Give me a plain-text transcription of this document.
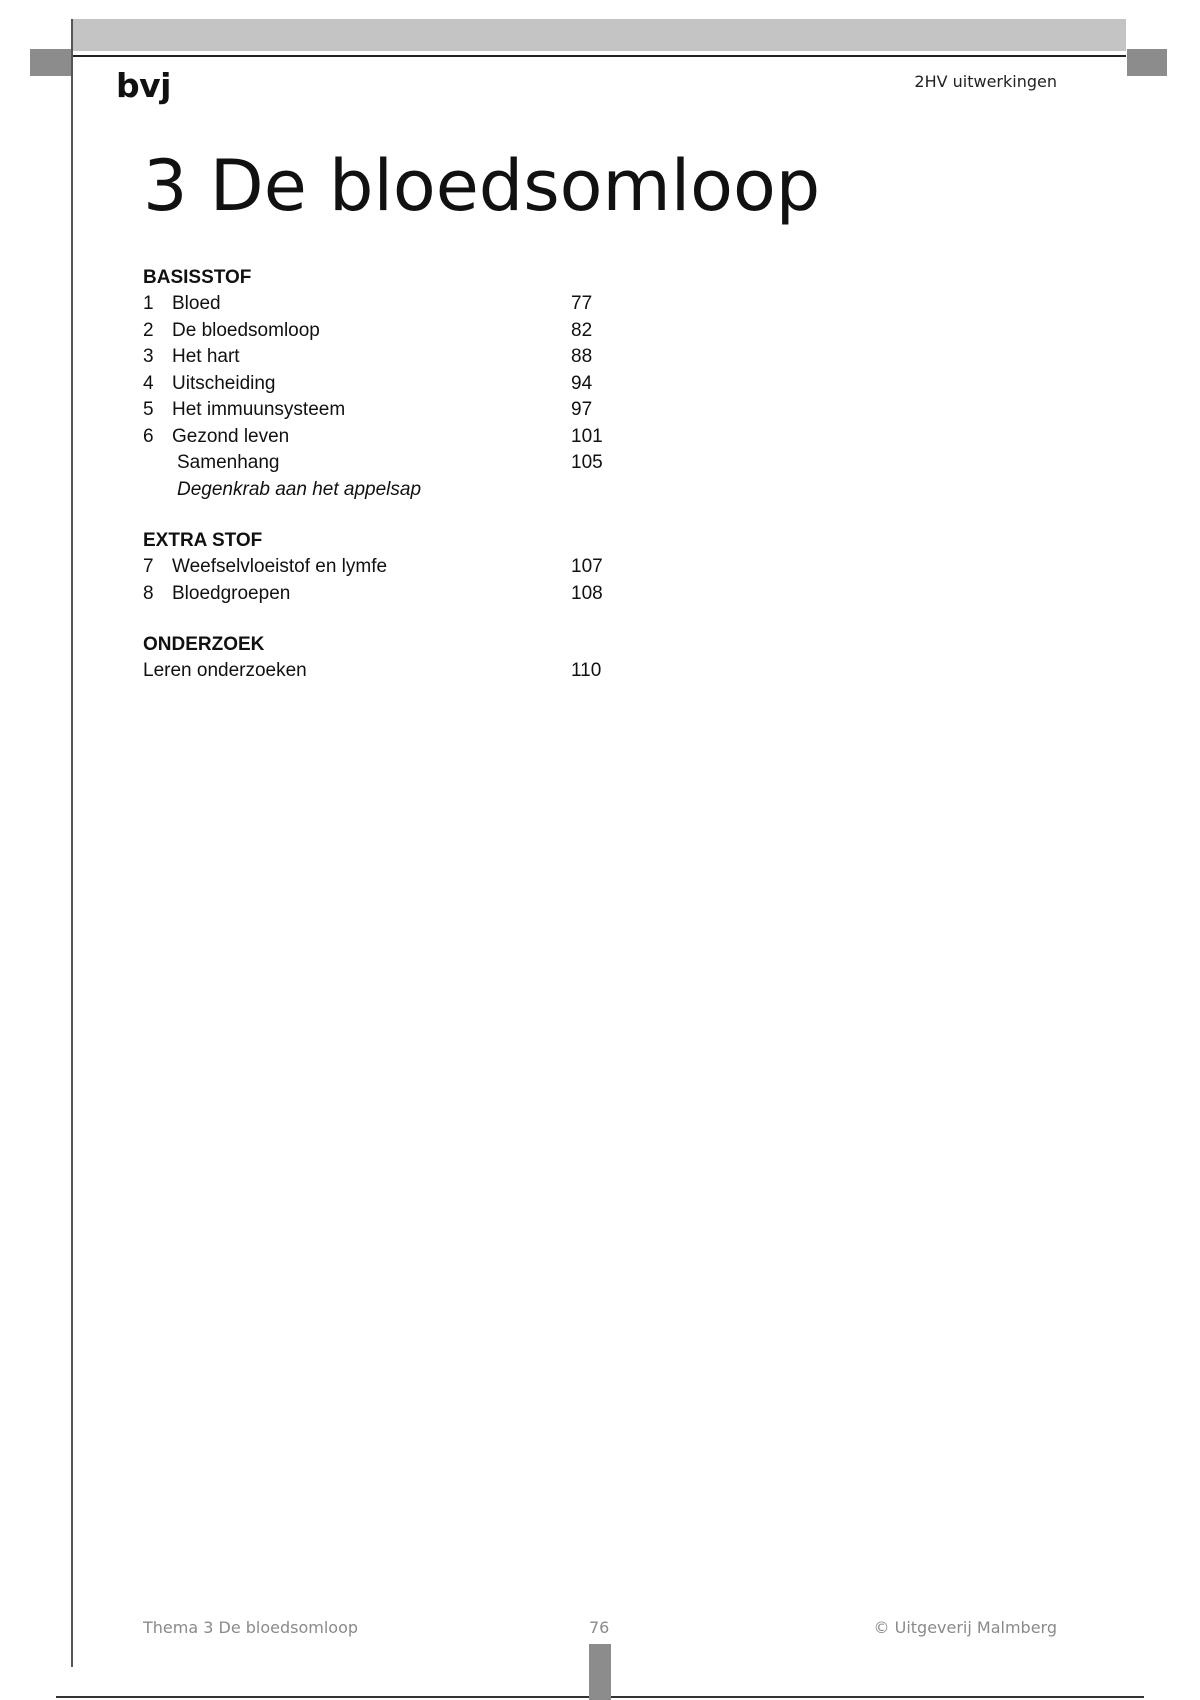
bvj	2HV uitwerkingen
3 De bloedsomloop
BASISSTOF
1 Bloed	77
2 De bloedsomloop	82
3 Het hart	88
4 Uitscheiding	94
5 Het immuunsysteem	97
6 Gezond leven	101
Samenhang	105
Degenkrab aan het appelsap
EXTRA STOF
7 Weefselvloeistof en lymfe	107
8 Bloedgroepen	108
ONDERZOEK
Leren onderzoeken	110
Thema 3 De bloedsomloop	76	© Uitgeverij Malmberg
